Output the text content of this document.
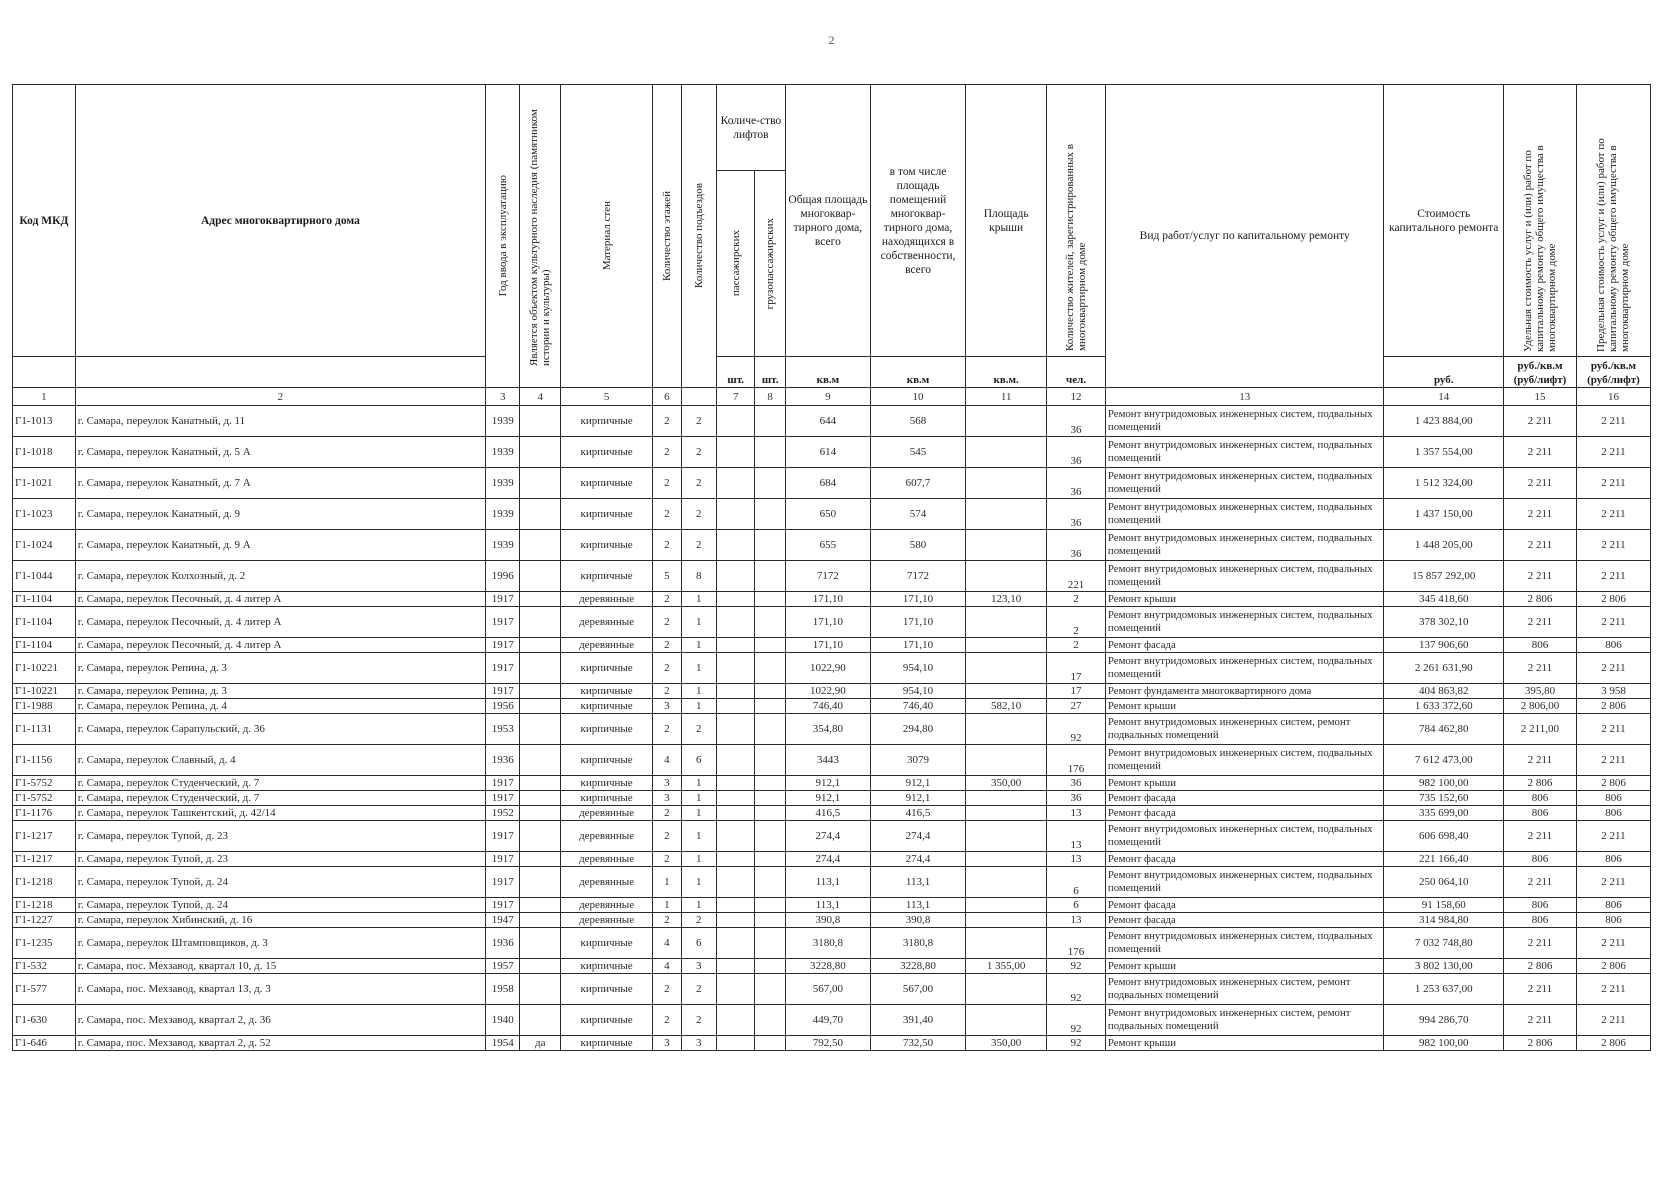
2
Код МКД	Адрес многоквартирного дома	Год ввода в эксплуатацию	Является объектом культурного наследия (памятником истории и культуры)	Материал стен	Количество этажей	Количество подъездов	Количе-ство лифтов		Общая площадь многоквар-тирного дома, всего	в том числе площадь помещений многоквар-тирного дома, находящихся в собственности, всего	Площадь крыши	Количество жителей, зарегистрированных в многоквартирном доме	Вид работ/услуг по капитальному ремонту	Стоимость капитального ремонта	Удельная стоимость услуг и (или) работ по капитальному ремонту общего имущества в многоквартирном доме	Предельная стоимость услуг и (или) работ по капитальному ремонту общего имущества в многоквартирном доме

							пассажирских	грузопассажирских								

							шт.	шт.	кв.м	кв.м	кв.м.	чел.		руб.	руб./кв.м (руб/лифт)	руб./кв.м (руб/лифт)
1	2	3	4	5	6		7	8	9	10	11	12	13	14	15	16
Г1-1013	г. Самара, переулок Канатный, д. 11	1939		кирпичные	2	2			644	568		36	Ремонт внутридомовых инженерных систем, подвальных помещений	1 423 884,00	2 211	2 211
Г1-1018	г. Самара, переулок Канатный, д. 5 А	1939		кирпичные	2	2			614	545		36	Ремонт внутридомовых инженерных систем, подвальных помещений	1 357 554,00	2 211	2 211
Г1-1021	г. Самара, переулок Канатный, д. 7 А	1939		кирпичные	2	2			684	607,7		36	Ремонт внутридомовых инженерных систем, подвальных помещений	1 512 324,00	2 211	2 211
Г1-1023	г. Самара, переулок Канатный, д. 9	1939		кирпичные	2	2			650	574		36	Ремонт внутридомовых инженерных систем, подвальных помещений	1 437 150,00	2 211	2 211
Г1-1024	г. Самара, переулок Канатный, д. 9 А	1939		кирпичные	2	2			655	580		36	Ремонт внутридомовых инженерных систем, подвальных помещений	1 448 205,00	2 211	2 211
Г1-1044	г. Самара, переулок Колхозный, д. 2	1996		кирпичные	5	8			7172	7172		221	Ремонт внутридомовых инженерных систем, подвальных помещений	15 857 292,00	2 211	2 211
Г1-1104	г. Самара, переулок Песочный, д. 4 литер А	1917		деревянные	2	1			171,10	171,10	123,10	2	Ремонт крыши	345 418,60	2 806	2 806
Г1-1104	г. Самара, переулок Песочный, д. 4 литер А	1917		деревянные	2	1			171,10	171,10		2	Ремонт внутридомовых инженерных систем, подвальных помещений	378 302,10	2 211	2 211
Г1-1104	г. Самара, переулок Песочный, д. 4 литер А	1917		деревянные	2	1			171,10	171,10		2	Ремонт фасада	137 906,60	806	806
Г1-10221	г. Самара, переулок Репина, д. 3	1917		кирпичные	2	1			1022,90	954,10		17	Ремонт внутридомовых инженерных систем, подвальных помещений	2 261 631,90	2 211	2 211
Г1-10221	г. Самара, переулок Репина, д. 3	1917		кирпичные	2	1			1022,90	954,10		17	Ремонт фундамента многоквартирного дома	404 863,82	395,80	3 958
Г1-1988	г. Самара, переулок Репина, д. 4	1956		кирпичные	3	1			746,40	746,40	582,10	27	Ремонт крыши	1 633 372,60	2 806,00	2 806
Г1-1131	г. Самара, переулок Сарапульский, д. 36	1953		кирпичные	2	2			354,80	294,80		92	Ремонт внутридомовых инженерных систем, ремонт подвальных помещений	784 462,80	2 211,00	2 211
Г1-1156	г. Самара, переулок Славный, д. 4	1936		кирпичные	4	6			3443	3079		176	Ремонт внутридомовых инженерных систем, подвальных помещений	7 612 473,00	2 211	2 211
Г1-5752	г. Самара, переулок Студенческий, д. 7	1917		кирпичные	3	1			912,1	912,1	350,00	36	Ремонт крыши	982 100,00	2 806	2 806
Г1-5752	г. Самара, переулок Студенческий, д. 7	1917		кирпичные	3	1			912,1	912,1		36	Ремонт фасада	735 152,60	806	806
Г1-1176	г. Самара, переулок Ташкентский, д. 42/14	1952		деревянные	2	1			416,5	416,5		13	Ремонт фасада	335 699,00	806	806
Г1-1217	г. Самара, переулок Тупой, д. 23	1917		деревянные	2	1			274,4	274,4		13	Ремонт внутридомовых инженерных систем, подвальных помещений	606 698,40	2 211	2 211
Г1-1217	г. Самара, переулок Тупой, д. 23	1917		деревянные	2	1			274,4	274,4		13	Ремонт фасада	221 166,40	806	806
Г1-1218	г. Самара, переулок Тупой, д. 24	1917		деревянные	1	1			113,1	113,1		6	Ремонт внутридомовых инженерных систем, подвальных помещений	250 064,10	2 211	2 211
Г1-1218	г. Самара, переулок Тупой, д. 24	1917		деревянные	1	1			113,1	113,1		6	Ремонт фасада	91 158,60	806	806
Г1-1227	г. Самара, переулок Хибинский, д. 16	1947		деревянные	2	2			390,8	390,8		13	Ремонт фасада	314 984,80	806	806
Г1-1235	г. Самара, переулок Штамповщиков, д. 3	1936		кирпичные	4	6			3180,8	3180,8		176	Ремонт внутридомовых инженерных систем, подвальных помещений	7 032 748,80	2 211	2 211
Г1-532	г. Самара, пос. Мехзавод, квартал 10, д. 15	1957		кирпичные	4	3			3228,80	3228,80	1 355,00	92	Ремонт крыши	3 802 130,00	2 806	2 806
Г1-577	г. Самара, пос. Мехзавод, квартал 13, д. 3	1958		кирпичные	2	2			567,00	567,00		92	Ремонт внутридомовых инженерных систем, ремонт подвальных помещений	1 253 637,00	2 211	2 211
Г1-630	г. Самара, пос. Мехзавод, квартал 2, д. 36	1940		кирпичные	2	2			449,70	391,40		92	Ремонт внутридомовых инженерных систем, ремонт подвальных помещений	994 286,70	2 211	2 211
Г1-646	г. Самара, пос. Мехзавод, квартал 2, д. 52	1954	да	кирпичные	3	3			792,50	732,50	350,00	92	Ремонт крыши	982 100,00	2 806	2 806
